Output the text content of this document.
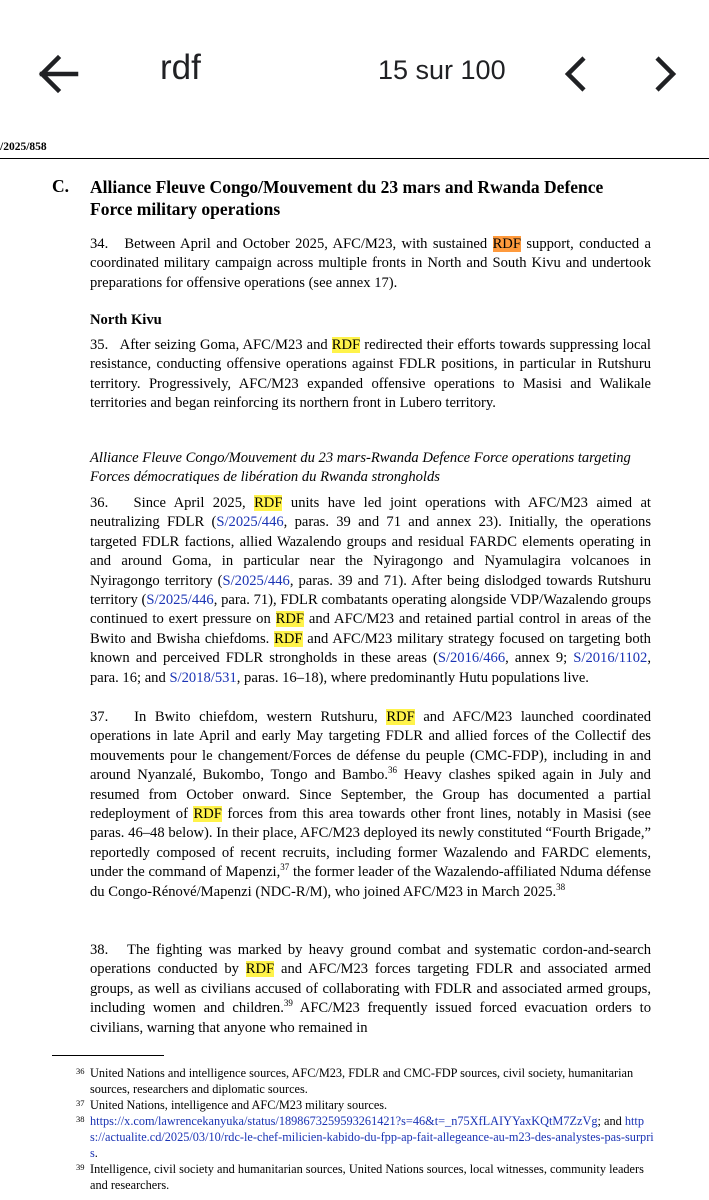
rdf	15 sur 100
/2025/858
C. Alliance Fleuve Congo/Mouvement du 23 mars and Rwanda Defence Force military operations

34.   Between April and October 2025, AFC/M23, with sustained RDF support, conducted a coordinated military campaign across multiple fronts in North and South Kivu and undertook preparations for offensive operations (see annex 17).

North Kivu

35.   After seizing Goma, AFC/M23 and RDF redirected their efforts towards suppressing local resistance, conducting offensive operations against FDLR positions, in particular in Rutshuru territory. Progressively, AFC/M23 expanded offensive operations to Masisi and Walikale territories and began reinforcing its northern front in Lubero territory.

Alliance Fleuve Congo/Mouvement du 23 mars-Rwanda Defence Force operations targeting Forces démocratiques de libération du Rwanda strongholds

36.   Since April 2025, RDF units have led joint operations with AFC/M23 aimed at neutralizing FDLR (S/2025/446, paras. 39 and 71 and annex 23). Initially, the operations targeted FDLR factions, allied Wazalendo groups and residual FARDC elements operating in and around Goma, in particular near the Nyiragongo and Nyamulagira volcanoes in Nyiragongo territory (S/2025/446, paras. 39 and 71). After being dislodged towards Rutshuru territory (S/2025/446, para. 71), FDLR combatants operating alongside VDP/Wazalendo groups continued to exert pressure on RDF and AFC/M23 and retained partial control in areas of the Bwito and Bwisha chiefdoms. RDF and AFC/M23 military strategy focused on targeting both known and perceived FDLR strongholds in these areas (S/2016/466, annex 9; S/2016/1102, para. 16; and S/2018/531, paras. 16–18), where predominantly Hutu populations live.

37.   In Bwito chiefdom, western Rutshuru, RDF and AFC/M23 launched coordinated operations in late April and early May targeting FDLR and allied forces of the Collectif des mouvements pour le changement/Forces de défense du peuple (CMC-FDP), including in and around Nyanzalé, Bukombo, Tongo and Bambo.$^{36}$ Heavy clashes spiked again in July and resumed from October onward. Since September, the Group has documented a partial redeployment of RDF forces from this area towards other front lines, notably in Masisi (see paras. 46–48 below). In their place, AFC/M23 deployed its newly constituted “Fourth Brigade,” reportedly composed of recent recruits, including former Wazalendo and FARDC elements, under the command of Mapenzi,$^{37}$ the former leader of the Wazalendo-affiliated Nduma défense du Congo-Rénové/Mapenzi (NDC-R/M), who joined AFC/M23 in March 2025.38

38.   The fighting was marked by heavy ground combat and systematic cordon-and-search operations conducted by RDF and AFC/M23 forces targeting FDLR and associated armed groups, as well as civilians accused of collaborating with FDLR and associated armed groups, including women and children.$^{39}$ AFC/M23 frequently issued forced evacuation orders to civilians, warning that anyone who remained in

36 United Nations and intelligence sources, AFC/M23, FDLR and CMC-FDP sources, civil society, humanitarian sources, researchers and diplomatic sources.
37 United Nations, intelligence and AFC/M23 military sources.
38 https://x.com/lawrencekanyuka/status/1898673259593261421?s=46&t=_n75XfLAIYYaxKQtM7ZzVg; and https://actualite.cd/2025/03/10/rdc-le-chef-milicien-kabido-du-fpp-ap-fait-allegeance-au-m23-des-analystes-pas-surpris.
39 Intelligence, civil society and humanitarian sources, United Nations sources, local witnesses, community leaders and researchers.
